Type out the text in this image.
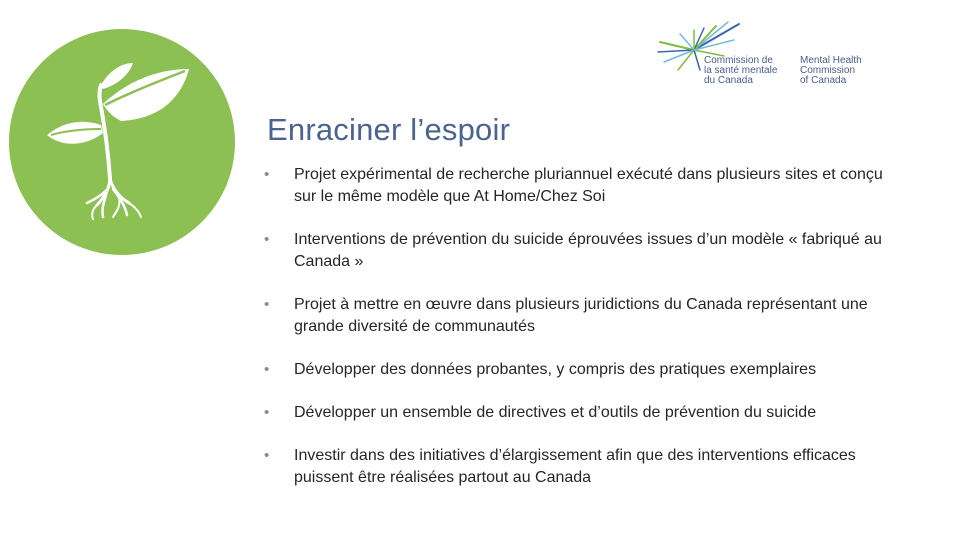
Commission de
la santé mentale
du Canada
Mental Health
Commission
of Canada
Enraciner l’espoir
• Projet expérimental de recherche pluriannuel exécuté dans plusieurs sites et conçu sur le même modèle que At Home/Chez Soi
• Interventions de prévention du suicide éprouvées issues d’un modèle « fabriqué au Canada »
• Projet à mettre en œuvre dans plusieurs juridictions du Canada représentant une grande diversité de communautés
• Développer des données probantes, y compris des pratiques exemplaires
• Développer un ensemble de directives et d’outils de prévention du suicide
• Investir dans des initiatives d’élargissement afin que des interventions efficaces puissent être réalisées partout au Canada
